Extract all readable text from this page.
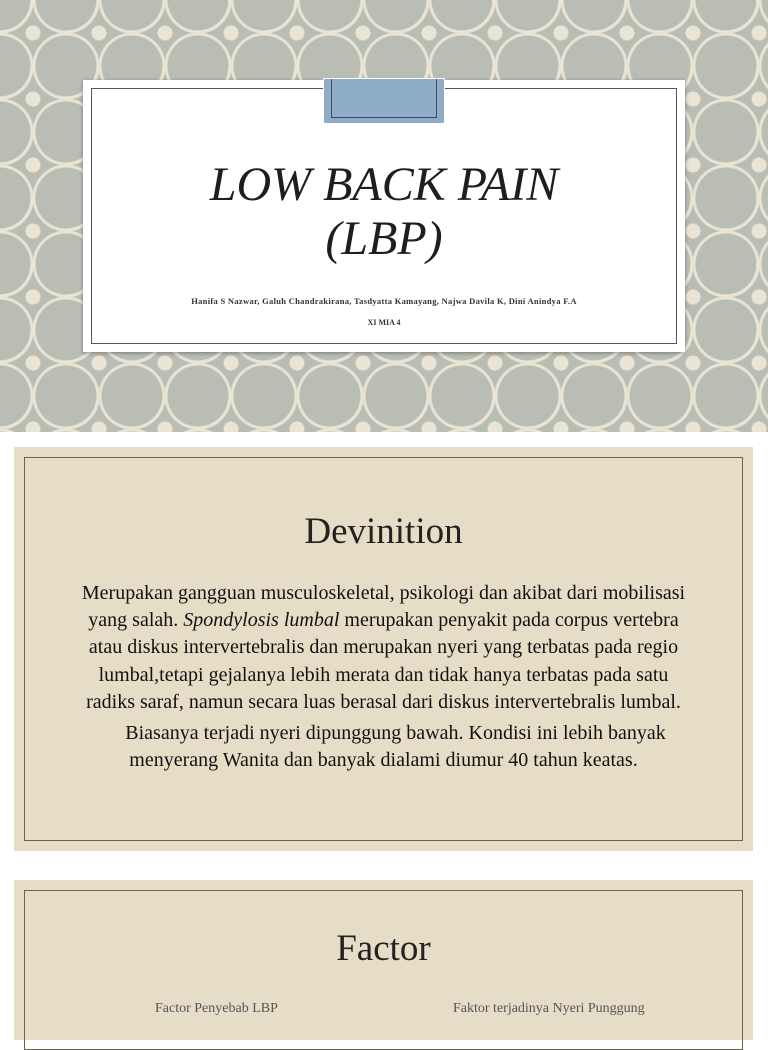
LOW BACK PAIN
(LBP)
Hanifa S Nazwar, Galuh Chandrakirana, Tasdyatta Kamayang, Najwa Davila K, Dini Anindya F.A
XI MIA 4
Devinition

Merupakan gangguan musculoskeletal, psikologi dan akibat dari mobilisasi yang salah. Spondylosis lumbal merupakan penyakit pada corpus vertebra atau diskus intervertebralis dan merupakan nyeri yang terbatas pada regio lumbal,tetapi gejalanya lebih merata dan tidak hanya terbatas pada satu radiks saraf, namun secara luas berasal dari diskus intervertebralis lumbal.

Biasanya terjadi nyeri dipunggung bawah. Kondisi ini lebih banyak menyerang Wanita dan banyak dialami diumur 40 tahun keatas.

Factor
Factor Penyebab LBP	Faktor terjadinya Nyeri Punggung
